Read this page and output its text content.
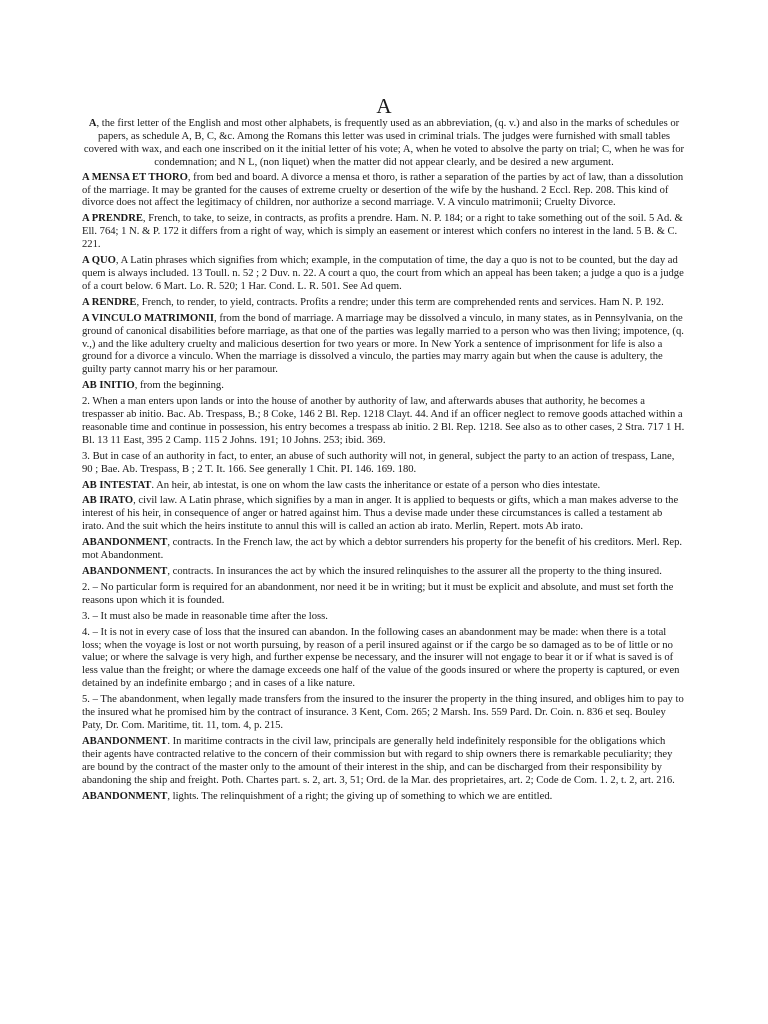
A

A, the first letter of the English and most other alphabets, is frequently used as an abbreviation, (q. v.) and also in the marks of schedules or papers, as schedule A, B, C, &c. Among the Romans this letter was used in criminal trials. The judges were furnished with small tables covered with wax, and each one inscribed on it the initial letter of his vote; A, when he voted to absolve the party on trial; C, when he was for condemnation; and N L, (non liquet) when the matter did not appear clearly, and be desired a new argument.

A MENSA ET THORO, from bed and board. A divorce a mensa et thoro, is rather a separation of the parties by act of law, than a dissolution of the marriage. It may be granted for the causes of extreme cruelty or desertion of the wife by the hushand. 2 Eccl. Rep. 208. This kind of divorce does not affect the legitimacy of children, nor authorize a second marriage. V. A vinculo matrimonii; Cruelty Divorce.

A PRENDRE, French, to take, to seize, in contracts, as profits a prendre. Ham. N. P. 184; or a right to take something out of the soil. 5 Ad. & Ell. 764; 1 N. & P. 172 it differs from a right of way, which is simply an easement or interest which confers no interest in the land. 5 B. & C. 221.

A QUO, A Latin phrases which signifies from which; example, in the computation of time, the day a quo is not to be counted, but the day ad quem is always included. 13 Toull. n. 52 ; 2 Duv. n. 22. A court a quo, the court from which an appeal has been taken; a judge a quo is a judge of a court below. 6 Mart. Lo. R. 520; 1 Har. Cond. L. R. 501. See Ad quem.

A RENDRE, French, to render, to yield, contracts. Profits a rendre; under this term are comprehended rents and services. Ham N. P. 192.

A VINCULO MATRIMONII, from the bond of marriage. A marriage may be dissolved a vinculo, in many states, as in Pennsylvania, on the ground of canonical disabilities before marriage, as that one of the parties was legally married to a person who was then living; impotence, (q. v.,) and the like adultery cruelty and malicious desertion for two years or more. In New York a sentence of imprisonment for life is also a ground for a divorce a vinculo. When the marriage is dissolved a vinculo, the parties may marry again but when the cause is adultery, the guilty party cannot marry his or her paramour.

AB INITIO, from the beginning.

2. When a man enters upon lands or into the house of another by authority of law, and afterwards abuses that authority, he becomes a trespasser ab initio. Bac. Ab. Trespass, B.; 8 Coke, 146 2 Bl. Rep. 1218 Clayt. 44. And if an officer neglect to remove goods attached within a reasonable time and continue in possession, his entry becomes a trespass ab initio. 2 Bl. Rep. 1218. See also as to other cases, 2 Stra. 717 1 H. Bl. 13 11 East, 395 2 Camp. 115 2 Johns. 191; 10 Johns. 253; ibid. 369.

3. But in case of an authority in fact, to enter, an abuse of such authority will not, in general, subject the party to an action of trespass, Lane, 90 ; Bae. Ab. Trespass, B ; 2 T. It. 166. See generally 1 Chit. PI. 146. 169. 180.

AB INTESTAT. An heir, ab intestat, is one on whom the law casts the inheritance or estate of a person who dies intestate.

AB IRATO, civil law. A Latin phrase, which signifies by a man in anger. It is applied to bequests or gifts, which a man makes adverse to the interest of his heir, in consequence of anger or hatred against him. Thus a devise made under these circumstances is called a testament ab irato. And the suit which the heirs institute to annul this will is called an action ab irato. Merlin, Repert. mots Ab irato.

ABANDONMENT, contracts. In the French law, the act by which a debtor surrenders his property for the benefit of his creditors. Merl. Rep. mot Abandonment.

ABANDONMENT, contracts. In insurances the act by which the insured relinquishes to the assurer all the property to the thing insured.

2. – No particular form is required for an abandonment, nor need it be in writing; but it must be explicit and absolute, and must set forth the reasons upon which it is founded.

3. – It must also be made in reasonable time after the loss.

4. – It is not in every case of loss that the insured can abandon. In the following cases an abandonment may be made: when there is a total loss; when the voyage is lost or not worth pursuing, by reason of a peril insured against or if the cargo be so damaged as to be of little or no value; or where the salvage is very high, and further expense be necessary, and the insurer will not engage to bear it or if what is saved is of less value than the freight; or where the damage exceeds one half of the value of the goods insured or where the property is captured, or even detained by an indefinite embargo ; and in cases of a like nature.

5. – The abandonment, when legally made transfers from the insured to the insurer the property in the thing insured, and obliges him to pay to the insured what he promised him by the contract of insurance. 3 Kent, Com. 265; 2 Marsh. Ins. 559 Pard. Dr. Coin. n. 836 et seq. Bouley Paty, Dr. Com. Maritime, tit. 11, tom. 4, p. 215.

ABANDONMENT. In maritime contracts in the civil law, principals are generally held indefinitely responsible for the obligations which their agents have contracted relative to the concern of their commission but with regard to ship owners there is remarkable peculiarity; they are bound by the contract of the master only to the amount of their interest in the ship, and can be discharged from their responsibility by abandoning the ship and freight. Poth. Chartes part. s. 2, art. 3, 51; Ord. de la Mar. des proprietaires, art. 2; Code de Com. 1. 2, t. 2, art. 216.

ABANDONMENT, lights. The relinquishment of a right; the giving up of something to which we are entitled.
